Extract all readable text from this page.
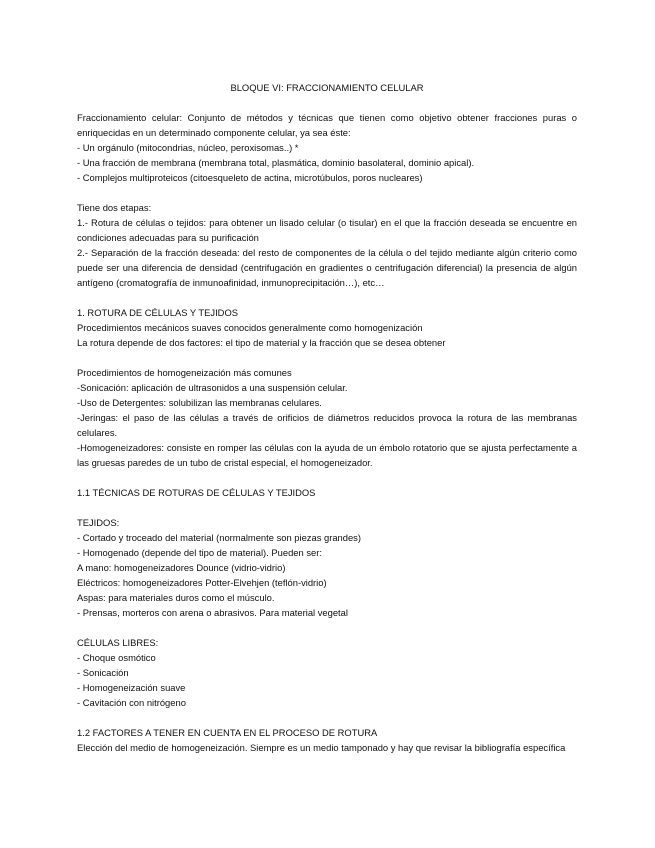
BLOQUE VI: FRACCIONAMIENTO CELULAR

Fraccionamiento celular: Conjunto de métodos y técnicas que tienen como objetivo obtener fracciones puras o enriquecidas en un determinado componente celular, ya sea éste:

- Un orgánulo (mitocondrias, núcleo, peroxisomas..) *

- Una fracción de membrana (membrana total, plasmática, dominio basolateral, dominio apical).

- Complejos multiproteicos (citoesqueleto de actina, microtúbulos, poros nucleares)

Tiene dos etapas:

1.- Rotura de células o tejidos: para obtener un lisado celular (o tisular) en el que la fracción deseada se encuentre en condiciones adecuadas para su purificación

2.- Separación de la fracción deseada: del resto de componentes de la célula o del tejido mediante algún criterio como puede ser una diferencia de densidad (centrifugación en gradientes o centrifugación diferencial) la presencia de algún antígeno (cromatografía de inmunoafinidad, inmunoprecipitación…), etc…

1. ROTURA DE CÉLULAS Y TEJIDOS

Procedimientos mecánicos suaves conocidos generalmente como homogenización

La rotura depende de dos factores: el tipo de material y la fracción que se desea obtener

Procedimientos de homogeneización más comunes

-Sonicación: aplicación de ultrasonidos a una suspensión celular.

-Uso de Detergentes: solubilizan las membranas celulares.

-Jeringas: el paso de las células a través de orificios de diámetros reducidos provoca la rotura de las membranas celulares.

-Homogeneizadores: consiste en romper las células con la ayuda de un émbolo rotatorio que se ajusta perfectamente a las gruesas paredes de un tubo de cristal especial, el homogeneizador.

1.1 TÉCNICAS DE ROTURAS DE CÉLULAS Y TEJIDOS

TEJIDOS:

- Cortado y troceado del material (normalmente son piezas grandes)

- Homogenado (depende del tipo de material). Pueden ser:

A mano: homogeneizadores Dounce (vidrio-vidrio)

Eléctricos: homogeneizadores Potter-Elvehjen (teflón-vidrio)

Aspas: para materiales duros como el músculo.

- Prensas, morteros con arena o abrasivos. Para material vegetal

CÉLULAS LIBRES:

- Choque osmótico

- Sonicación

- Homogeneización suave

- Cavitación con nitrógeno

1.2 FACTORES A TENER EN CUENTA EN EL PROCESO DE ROTURA

Elección del medio de homogeneización. Siempre es un medio tamponado y hay que revisar la bibliografía específica
